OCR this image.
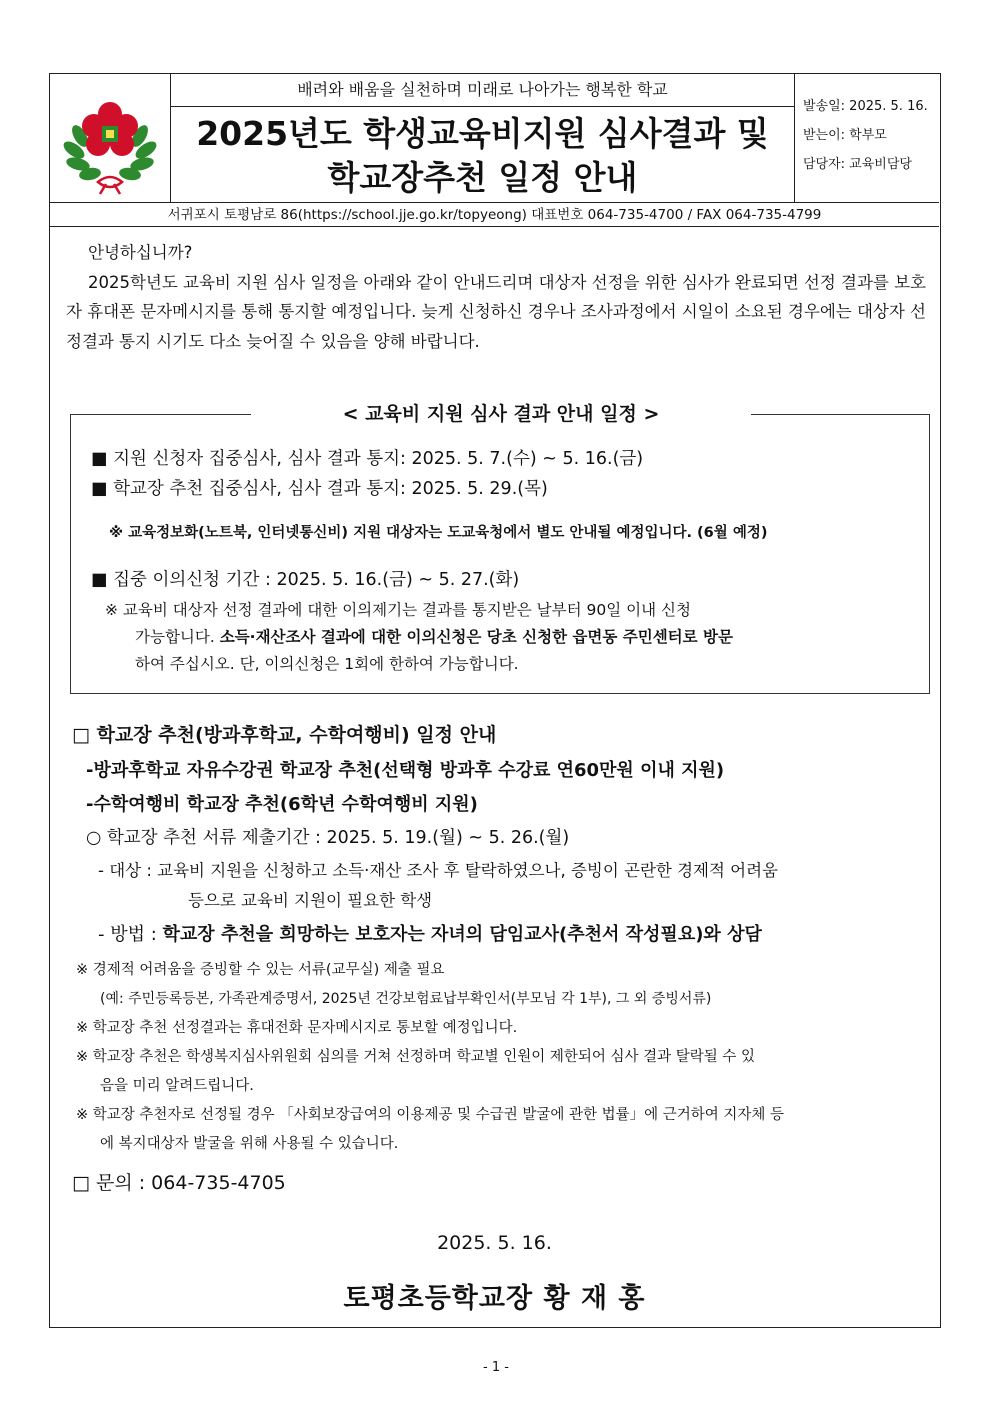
배려와 배움을 실천하며 미래로 나아가는 행복한 학교
2025년도 학생교육비지원 심사결과 및
학교장추천 일정 안내
발송일: 2025. 5. 16.
받는이: 학부모
담당자: 교육비담당
서귀포시 토평남로 86(https://school.jje.go.kr/topyeong) 대표번호 064-735-4700 / FAX 064-735-4799

안녕하십니까?

2025학년도 교육비 지원 심사 일정을 아래와 같이 안내드리며 대상자 선정을 위한 심사가 완료되면 선정 결과를 보호자 휴대폰 문자메시지를 통해 통지할 예정입니다. 늦게 신청하신 경우나 조사과정에서 시일이 소요된 경우에는 대상자 선정결과 통지 시기도 다소 늦어질 수 있음을 양해 바랍니다.

< 교육비 지원 심사 결과 안내 일정 >
■ 지원 신청자 집중심사, 심사 결과 통지: 2025. 5. 7.(수) ~ 5. 16.(금)
■ 학교장 추천 집중심사, 심사 결과 통지: 2025. 5. 29.(목)
※ 교육정보화(노트북, 인터넷통신비) 지원 대상자는 도교육청에서 별도 안내될 예정입니다. (6월 예정)
■ 집중 이의신청 기간 : 2025. 5. 16.(금) ~ 5. 27.(화)
※ 교육비 대상자 선정 결과에 대한 이의제기는 결과를 통지받은 날부터 90일 이내 신청
가능합니다. 소득·재산조사 결과에 대한 이의신청은 당초 신청한 읍면동 주민센터로 방문
하여 주십시오. 단, 이의신청은 1회에 한하여 가능합니다.
□ 학교장 추천(방과후학교, 수학여행비) 일정 안내
-방과후학교 자유수강권 학교장 추천(선택형 방과후 수강료 연60만원 이내 지원)
-수학여행비 학교장 추천(6학년 수학여행비 지원)
○ 학교장 추천 서류 제출기간 : 2025. 5. 19.(월) ~ 5. 26.(월)
- 대상 : 교육비 지원을 신청하고 소득·재산 조사 후 탈락하였으나, 증빙이 곤란한 경제적 어려움
등으로 교육비 지원이 필요한 학생
- 방법 : 학교장 추천을 희망하는 보호자는 자녀의 담임교사(추천서 작성필요)와 상담
※ 경제적 어려움을 증빙할 수 있는 서류(교무실) 제출 필요
(예: 주민등록등본, 가족관계증명서, 2025년 건강보험료납부확인서(부모님 각 1부), 그 외 증빙서류)
※ 학교장 추천 선정결과는 휴대전화 문자메시지로 통보할 예정입니다.
※ 학교장 추천은 학생복지심사위원회 심의를 거쳐 선정하며 학교별 인원이 제한되어 심사 결과 탈락될 수 있
음을 미리 알려드립니다.
※ 학교장 추천자로 선정될 경우 「사회보장급여의 이용제공 및 수급권 발굴에 관한 법률」에 근거하여 지자체 등
에 복지대상자 발굴을 위해 사용될 수 있습니다.
□ 문의 : 064-735-4705
2025. 5. 16.
토평초등학교장 황 재 홍
- 1 -
